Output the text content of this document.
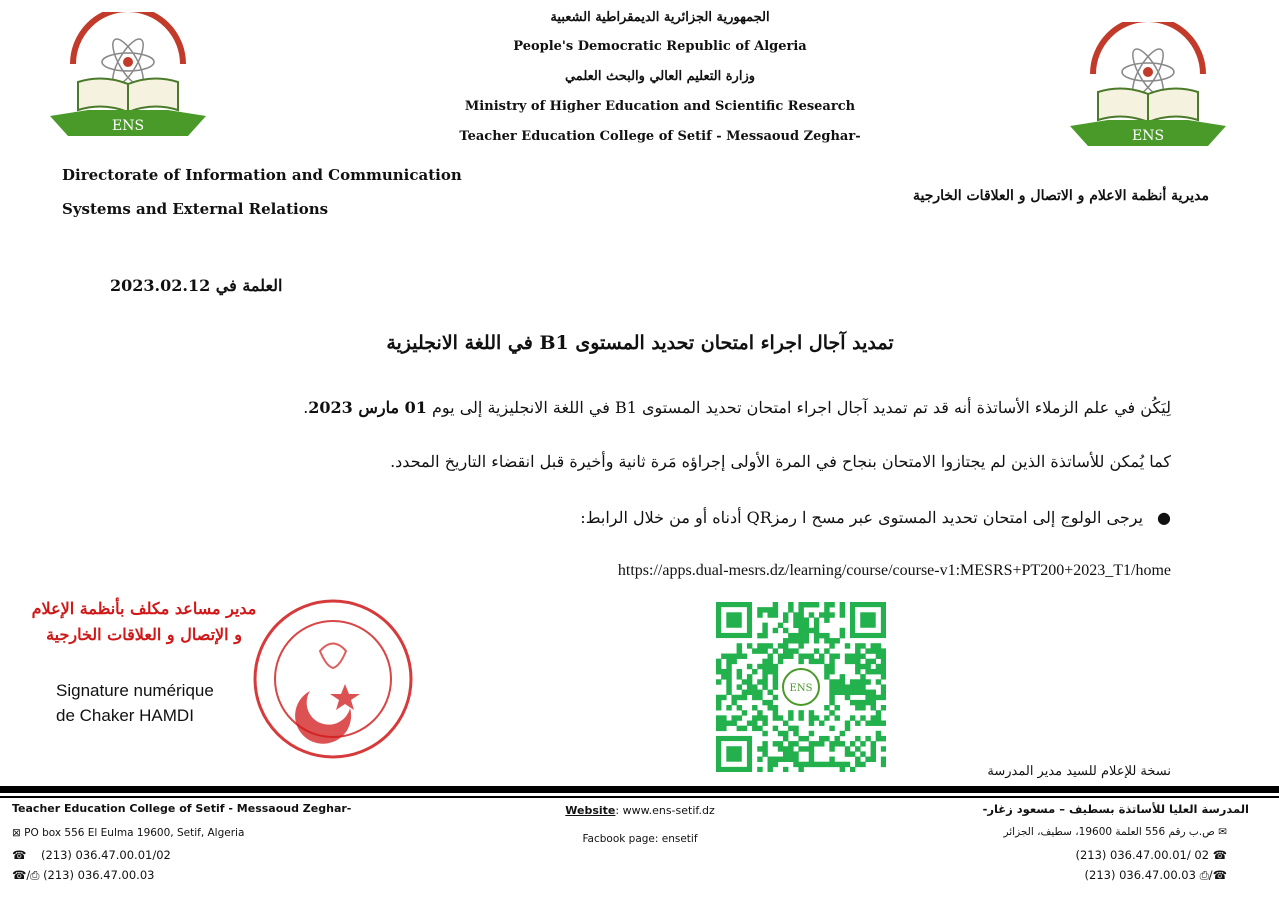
ENS
ENS
الجمهورية الجزائرية الديمقراطية الشعبية
People's Democratic Republic of Algeria
وزارة التعليم العالي والبحث العلمي
Ministry of Higher Education and Scientific Research
Teacher Education College of Setif - Messaoud Zeghar-
Directorate of Information and Communication
Systems and External Relations
مديرية أنظمة الاعلام و الاتصال و العلاقات الخارجية
العلمة في 2023.02.12
تمديد آجال اجراء امتحان تحديد المستوى B1 في اللغة الانجليزية
لِيَكُن في علم الزملاء الأساتذة أنه قد تم تمديد آجال اجراء امتحان تحديد المستوى B1 في اللغة الانجليزية إلى يوم 01 مارس 2023.
كما يُمكن للأساتذة الذين لم يجتازوا الامتحان بنجاح في المرة الأولى إجراؤه مَرة ثانية وأخيرة قبل انقضاء التاريخ المحدد.
●يرجى الولوج إلى امتحان تحديد المستوى عبر مسح ا رمزQR أدناه أو من خلال الرابط:
https://apps.dual-mesrs.dz/learning/course/course-v1:MESRS+PT200+2023_T1/home
ENS
مدير مساعد مكلف بأنظمة الإعلام
و الإتصال و العلاقات الخارجية
Signature numérique
de Chaker HAMDI
نسخة للإعلام للسيد مدير المدرسة
Teacher Education College of Setif - Messaoud Zeghar-
⊠ PO box 556 El Eulma 19600, Setif, Algeria
☎ (213) 036.47.00.01/02
☎/⎙ (213) 036.47.00.03
Website: www.ens-setif.dz
Facbook page: ensetif
المدرسة العليا للأساتذة بسطيف – مسعود زغار-
✉ ص.ب رقم 556 العلمة 19600، سطيف، الجزائر
(213) 036.47.00.01/ 02 ☎
(213) 036.47.00.03 ⎙/☎
